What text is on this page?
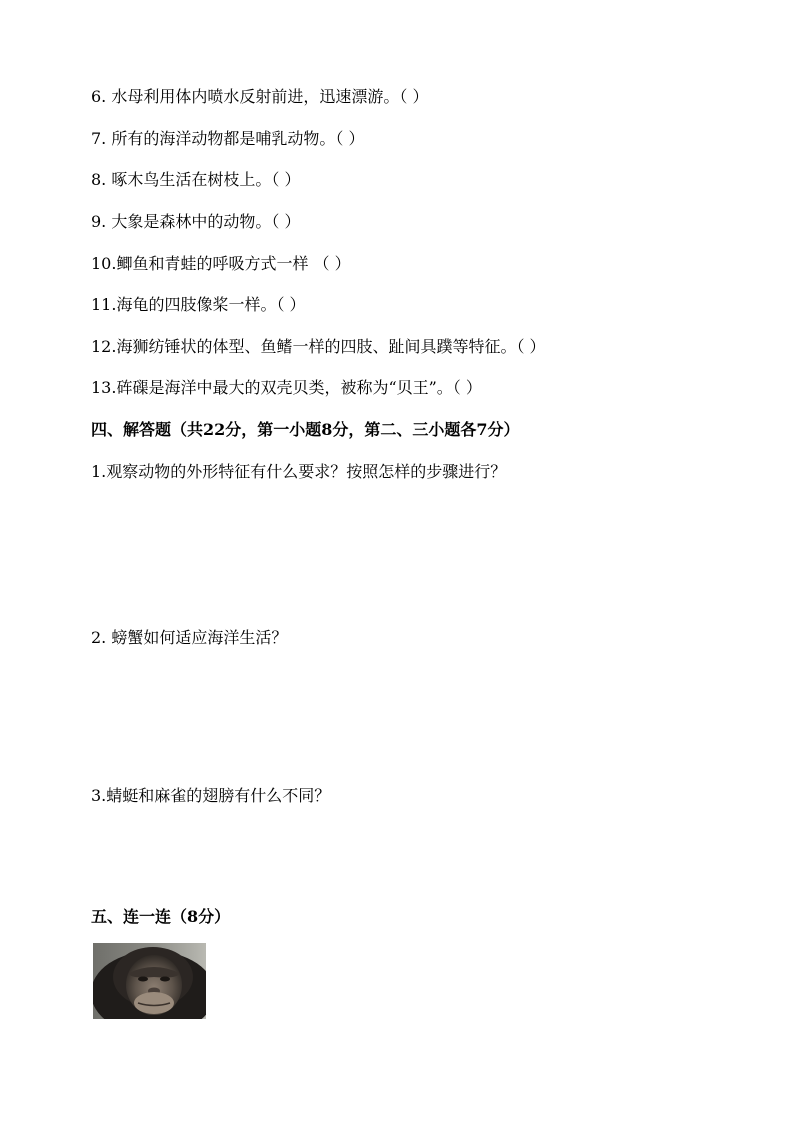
6. 水母利用体内喷水反射前进，迅速漂游。（ ）
7. 所有的海洋动物都是哺乳动物。（ ）
8. 啄木鸟生活在树枝上。（ ）
9. 大象是森林中的动物。（ ）
10.鲫鱼和青蛙的呼吸方式一样 （ ）
11.海龟的四肢像桨一样。（ ）
12.海狮纺锤状的体型、鱼鳍一样的四肢、趾间具蹼等特征。（ ）
13.砗磲是海洋中最大的双壳贝类，被称为“贝王”。（ ）
四、解答题（共22分，第一小题8分，第二、三小题各7分）
1.观察动物的外形特征有什么要求？按照怎样的步骤进行？
2. 螃蟹如何适应海洋生活？
3.蜻蜓和麻雀的翅膀有什么不同？
五、连一连（8分）
